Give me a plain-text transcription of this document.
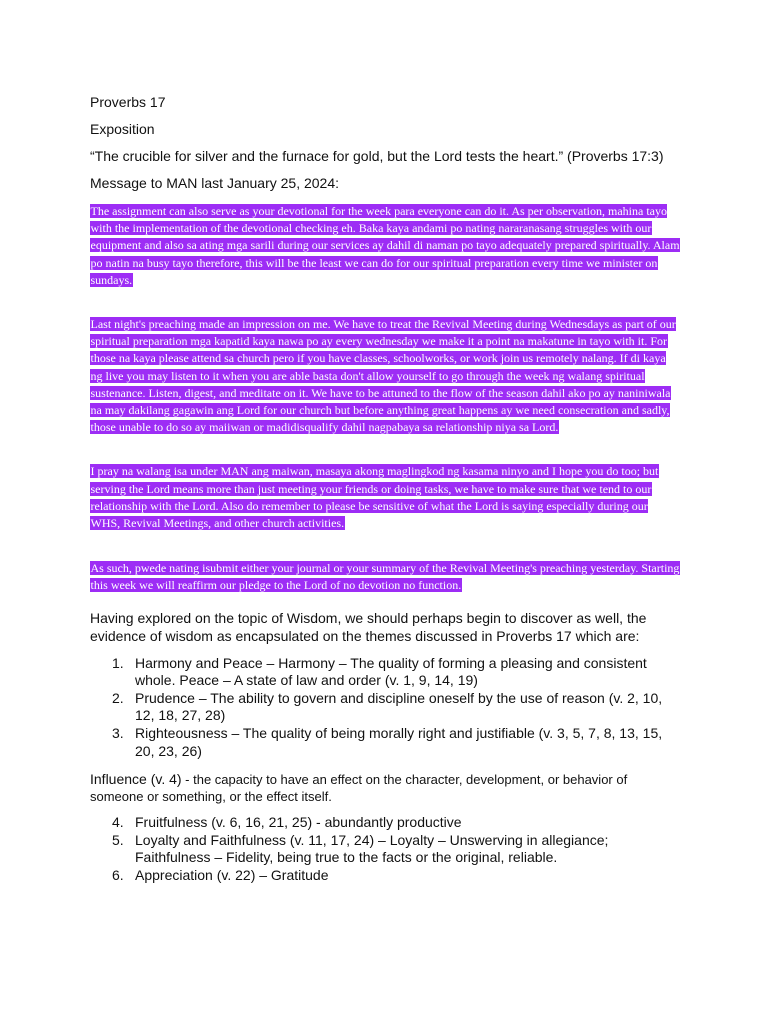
Proverbs 17

Exposition

“The crucible for silver and the furnace for gold, but the Lord tests the heart.” (Proverbs 17:3)

Message to MAN last January 25, 2024:

The assignment can also serve as your devotional for the week para everyone can do it. As per observation, mahina tayo with the implementation of the devotional checking eh. Baka kaya andami po nating nararanasang struggles with our equipment and also sa ating mga sarili during our services ay dahil di naman po tayo adequately prepared spiritually. Alam po natin na busy tayo therefore, this will be the least we can do for our spiritual preparation every time we minister on sundays.

Last night's preaching made an impression on me. We have to treat the Revival Meeting during Wednesdays as part of our spiritual preparation mga kapatid kaya nawa po ay every wednesday we make it a point na makatune in tayo with it. For those na kaya please attend sa church pero if you have classes, schoolworks, or work join us remotely nalang. If di kaya ng live you may listen to it when you are able basta don't allow yourself to go through the week ng walang spiritual sustenance. Listen, digest, and meditate on it. We have to be attuned to the flow of the season dahil ako po ay naniniwala na may dakilang gagawin ang Lord for our church but before anything great happens ay we need consecration and sadly, those unable to do so ay maiiwan or madidisqualify dahil nagpabaya sa relationship niya sa Lord.

I pray na walang isa under MAN ang maiwan, masaya akong maglingkod ng kasama ninyo and I hope you do too; but serving the Lord means more than just meeting your friends or doing tasks, we have to make sure that we tend to our relationship with the Lord. Also do remember to please be sensitive of what the Lord is saying especially during our WHS, Revival Meetings, and other church activities.

As such, pwede nating isubmit either your journal or your summary of the Revival Meeting's preaching yesterday. Starting this week we will reaffirm our pledge to the Lord of no devotion no function.

Having explored on the topic of Wisdom, we should perhaps begin to discover as well, the evidence of wisdom as encapsulated on the themes discussed in Proverbs 17 which are:

1. Harmony and Peace – Harmony – The quality of forming a pleasing and consistent whole. Peace – A state of law and order (v. 1, 9, 14, 19)
2. Prudence – The ability to govern and discipline oneself by the use of reason (v. 2, 10, 12, 18, 27, 28)
3. Righteousness – The quality of being morally right and justifiable (v. 3, 5, 7, 8, 13, 15, 20, 23, 26)

Influence (v. 4) - the capacity to have an effect on the character, development, or behavior of someone or something, or the effect itself.

4. Fruitfulness (v. 6, 16, 21, 25) - abundantly productive
5. Loyalty and Faithfulness (v. 11, 17, 24) – Loyalty – Unswerving in allegiance; Faithfulness – Fidelity, being true to the facts or the original, reliable.
6. Appreciation (v. 22) – Gratitude
